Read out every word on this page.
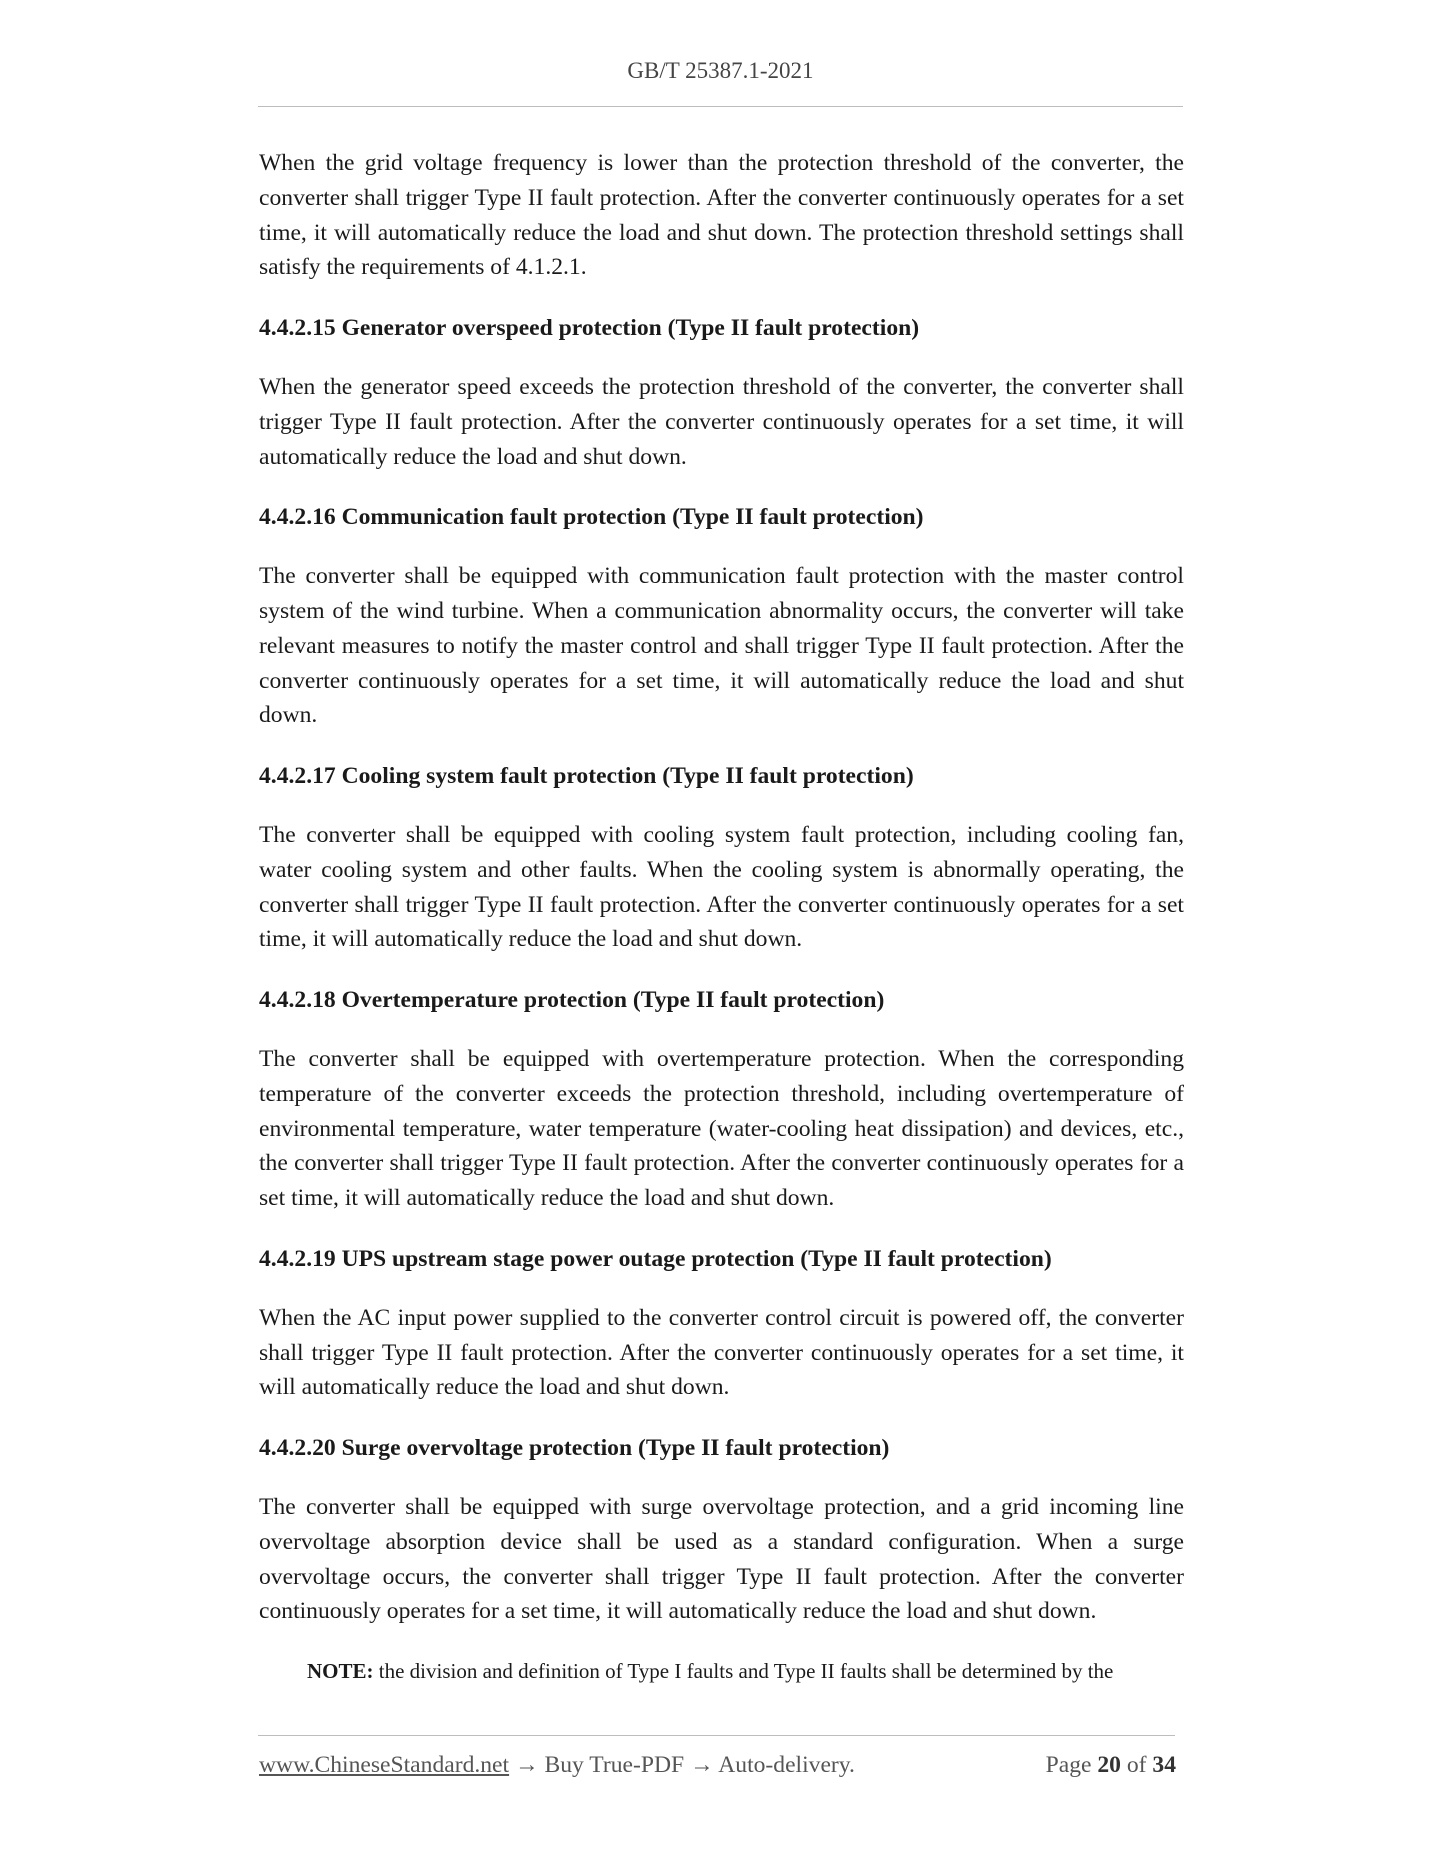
GB/T 25387.1-2021

When the grid voltage frequency is lower than the protection threshold of the converter, the converter shall trigger Type II fault protection. After the converter continuously operates for a set time, it will automatically reduce the load and shut down. The protection threshold settings shall satisfy the requirements of 4.1.2.1.

4.4.2.15 Generator overspeed protection (Type II fault protection)

When the generator speed exceeds the protection threshold of the converter, the converter shall trigger Type II fault protection. After the converter continuously operates for a set time, it will automatically reduce the load and shut down.

4.4.2.16 Communication fault protection (Type II fault protection)

The converter shall be equipped with communication fault protection with the master control system of the wind turbine. When a communication abnormality occurs, the converter will take relevant measures to notify the master control and shall trigger Type II fault protection. After the converter continuously operates for a set time, it will automatically reduce the load and shut down.

4.4.2.17 Cooling system fault protection (Type II fault protection)

The converter shall be equipped with cooling system fault protection, including cooling fan, water cooling system and other faults. When the cooling system is abnormally operating, the converter shall trigger Type II fault protection. After the converter continuously operates for a set time, it will automatically reduce the load and shut down.

4.4.2.18 Overtemperature protection (Type II fault protection)

The converter shall be equipped with overtemperature protection. When the corresponding temperature of the converter exceeds the protection threshold, including overtemperature of environmental temperature, water temperature (water-cooling heat dissipation) and devices, etc., the converter shall trigger Type II fault protection. After the converter continuously operates for a set time, it will automatically reduce the load and shut down.

4.4.2.19 UPS upstream stage power outage protection (Type II fault protection)

When the AC input power supplied to the converter control circuit is powered off, the converter shall trigger Type II fault protection. After the converter continuously operates for a set time, it will automatically reduce the load and shut down.

4.4.2.20 Surge overvoltage protection (Type II fault protection)

The converter shall be equipped with surge overvoltage protection, and a grid incoming line overvoltage absorption device shall be used as a standard configuration. When a surge overvoltage occurs, the converter shall trigger Type II fault protection. After the converter continuously operates for a set time, it will automatically reduce the load and shut down.

NOTE: the division and definition of Type I faults and Type II faults shall be determined by the

www.ChineseStandard.net → Buy True-PDF → Auto-delivery.	Page 20 of 34
